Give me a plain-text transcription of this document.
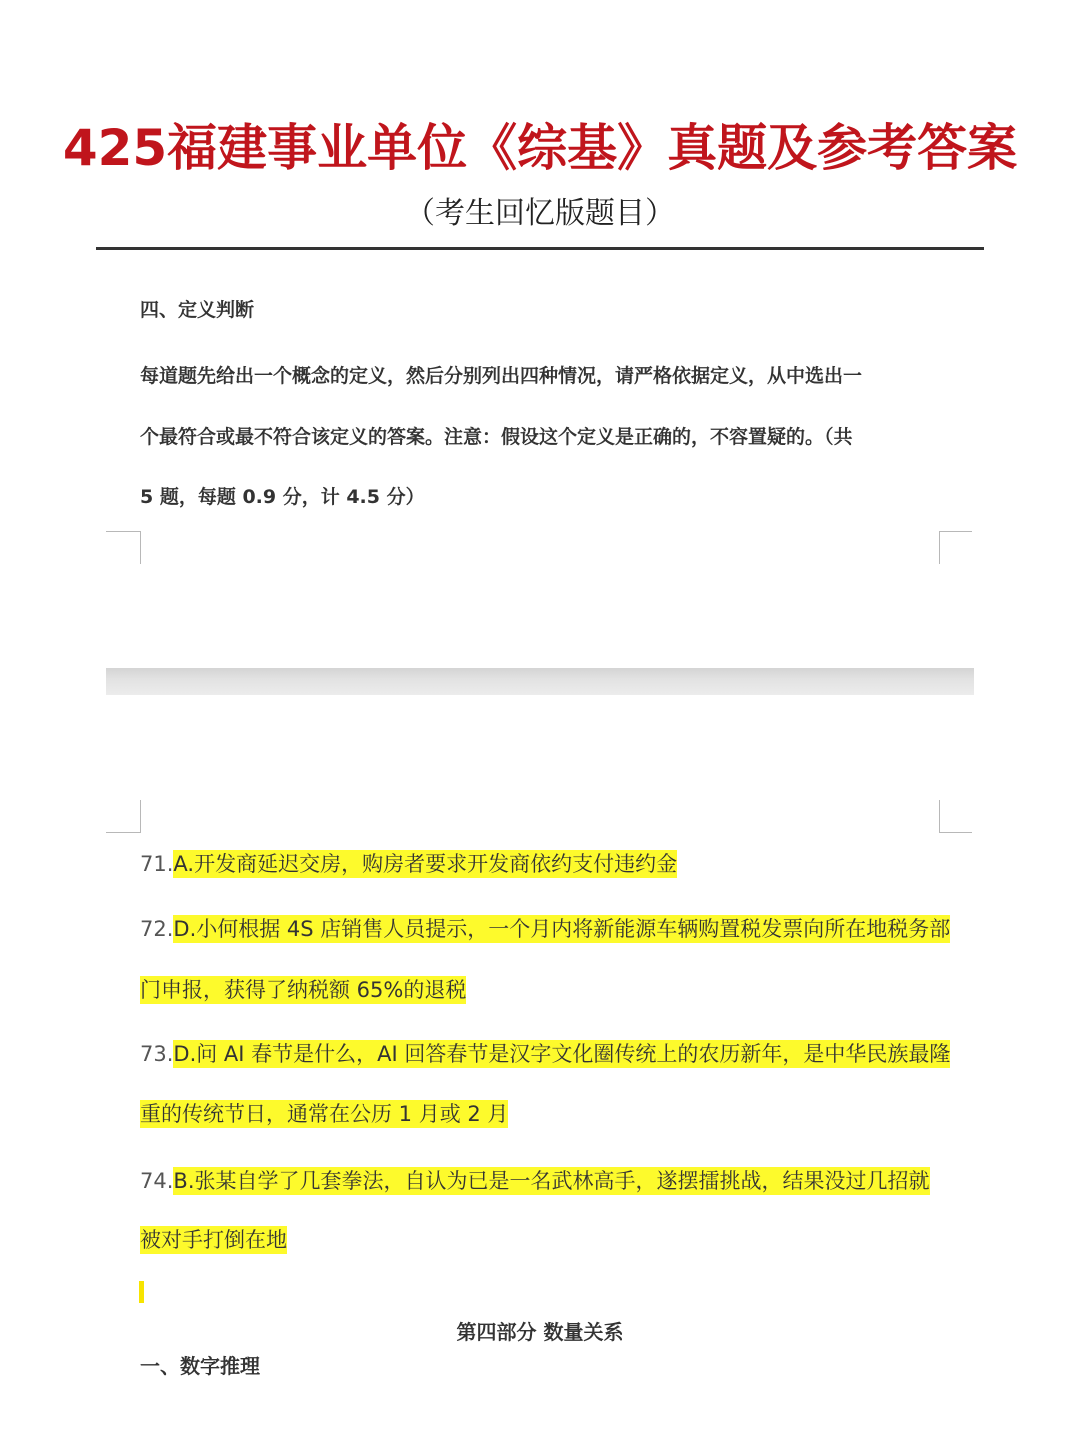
425福建事业单位《综基》真题及参考答案
（考生回忆版题目）
四、定义判断
每道题先给出一个概念的定义，然后分别列出四种情况，请严格依据定义，从中选出一
个最符合或最不符合该定义的答案。注意：假设这个定义是正确的，不容置疑的。（共
5 题，每题 0.9 分，计 4.5 分）
71.A.开发商延迟交房，购房者要求开发商依约支付违约金
72.D.小何根据 4S 店销售人员提示，一个月内将新能源车辆购置税发票向所在地税务部
门申报，获得了纳税额 65%的退税
73.D.问 AI 春节是什么，AI 回答春节是汉字文化圈传统上的农历新年，是中华民族最隆
重的传统节日，通常在公历 1 月或 2 月
74.B.张某自学了几套拳法，自认为已是一名武林高手，遂摆擂挑战，结果没过几招就
被对手打倒在地
第四部分 数量关系
一、数字推理
